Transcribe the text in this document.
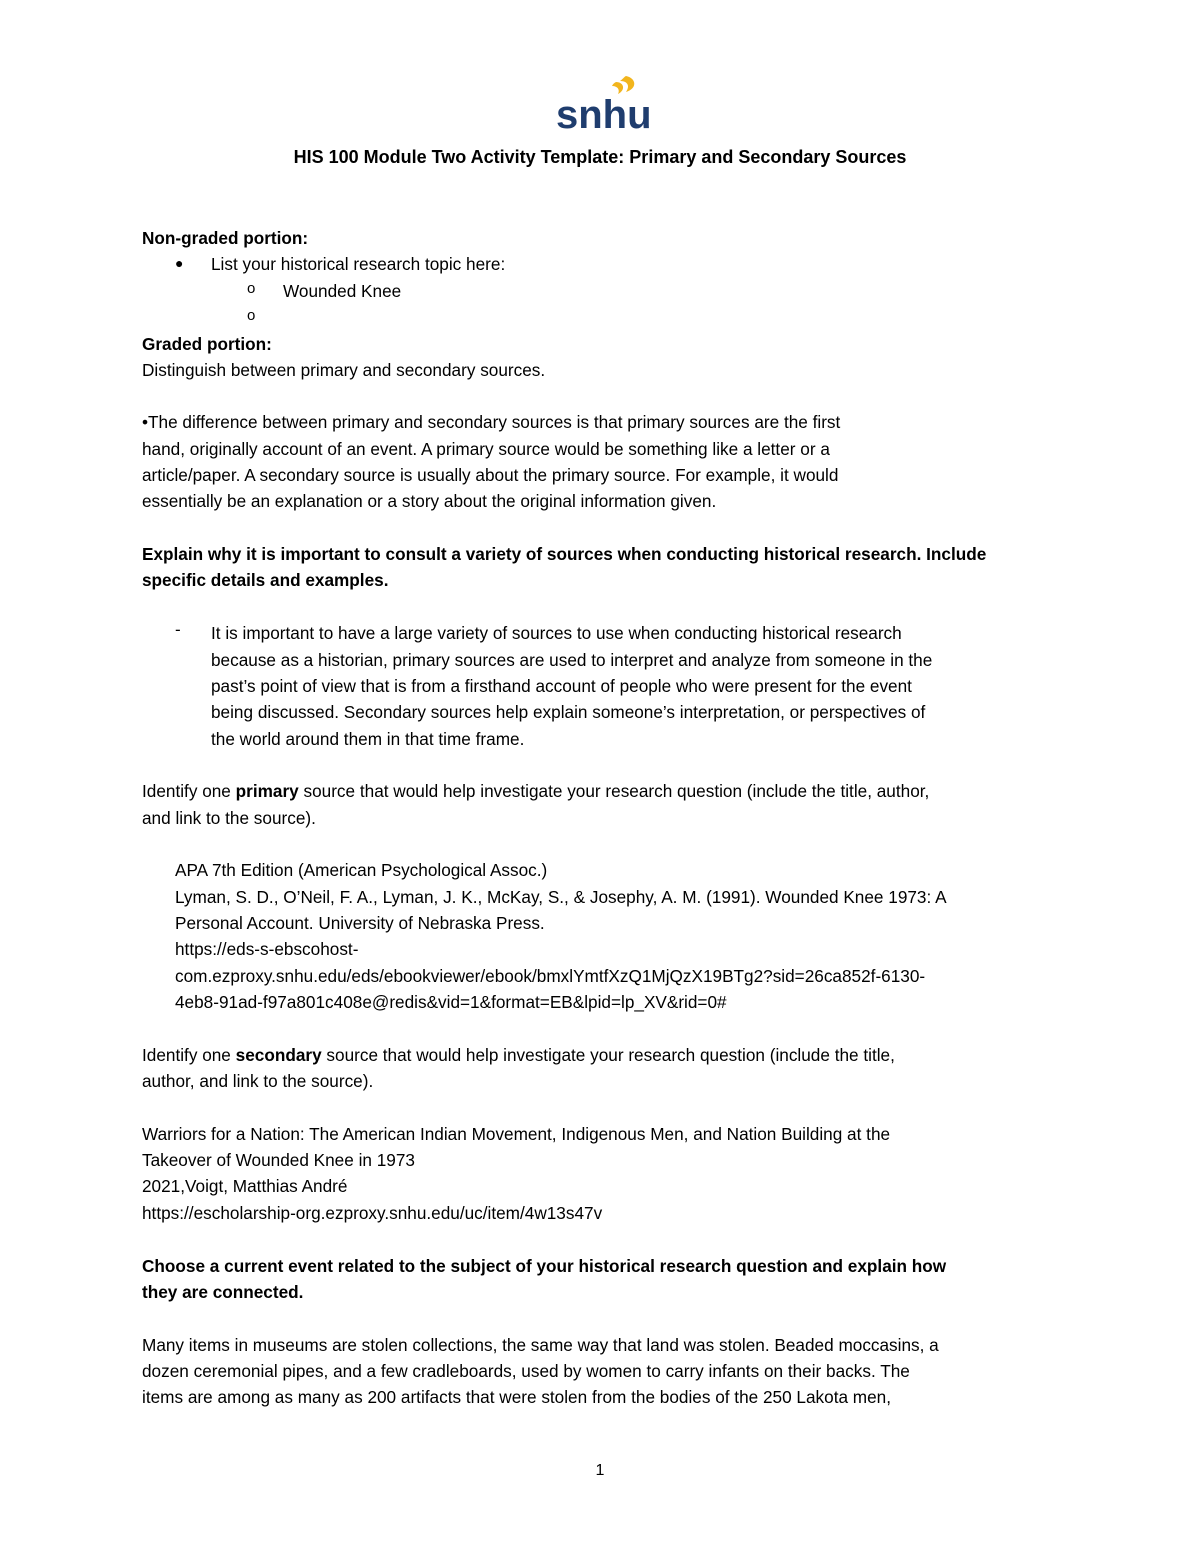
snhu
HIS 100 Module Two Activity Template: Primary and Secondary Sources
Non-graded portion:
● List your historical research topic here:
o Wounded Knee
o
Graded portion:
Distinguish between primary and secondary sources.
•The difference between primary and secondary sources is that primary sources are the first
hand, originally account of an event. A primary source would be something like a letter or a
article/paper. A secondary source is usually about the primary source. For example, it would
essentially be an explanation or a story about the original information given.
Explain why it is important to consult a variety of sources when conducting historical research. Include
specific details and examples.
- It is important to have a large variety of sources to use when conducting historical research
because as a historian, primary sources are used to interpret and analyze from someone in the
past’s point of view that is from a firsthand account of people who were present for the event
being discussed. Secondary sources help explain someone’s interpretation, or perspectives of
the world around them in that time frame.
Identify one primary source that would help investigate your research question (include the title, author,
and link to the source).
APA 7th Edition (American Psychological Assoc.)
Lyman, S. D., O’Neil, F. A., Lyman, J. K., McKay, S., & Josephy, A. M. (1991). Wounded Knee 1973: A
Personal Account. University of Nebraska Press.
https://eds-s-ebscohost-
com.ezproxy.snhu.edu/eds/ebookviewer/ebook/bmxlYmtfXzQ1MjQzX19BTg2?sid=26ca852f-6130-
4eb8-91ad-f97a801c408e@redis&vid=1&format=EB&lpid=lp_XV&rid=0#
Identify one secondary source that would help investigate your research question (include the title,
author, and link to the source).
Warriors for a Nation: The American Indian Movement, Indigenous Men, and Nation Building at the
Takeover of Wounded Knee in 1973
2021,Voigt, Matthias André
https://escholarship-org.ezproxy.snhu.edu/uc/item/4w13s47v
Choose a current event related to the subject of your historical research question and explain how
they are connected.
Many items in museums are stolen collections, the same way that land was stolen. Beaded moccasins, a
dozen ceremonial pipes, and a few cradleboards, used by women to carry infants on their backs. The
items are among as many as 200 artifacts that were stolen from the bodies of the 250 Lakota men,
1
